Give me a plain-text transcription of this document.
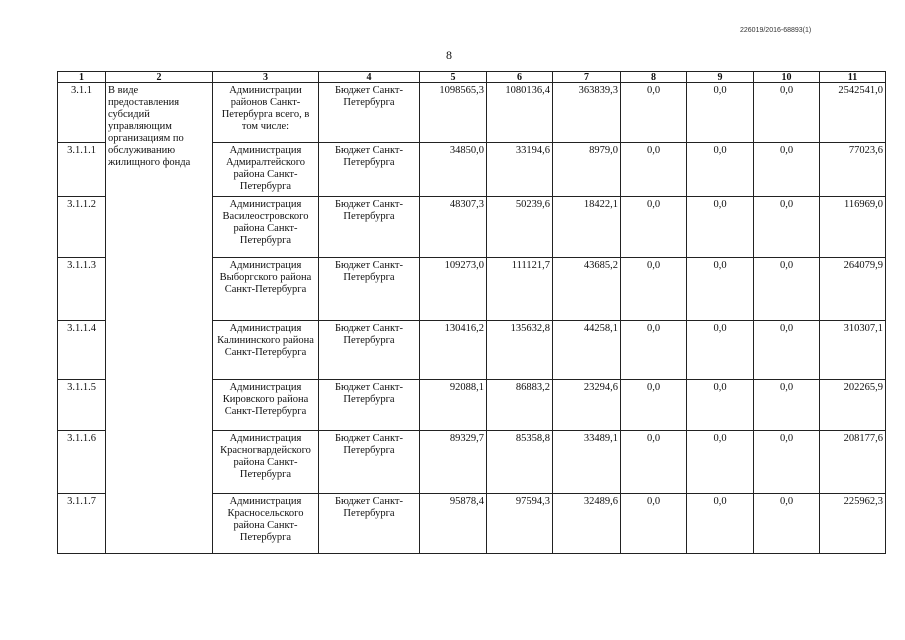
226019/2016-68893(1)
8
1	2	3	4	5	6	7	8	9	10	11
3.1.1	В виде предоставления субсидий управляющим организациям по обслуживанию жилищного фонда	Администрации районов Санкт-Петербурга всего, в том числе:	Бюджет Санкт-Петербурга	1098565,3	1080136,4	363839,3	0,0	0,0	0,0	2542541,0
3.1.1.1		Администрация Адмиралтейского района Санкт-Петербурга	Бюджет Санкт-Петербурга	34850,0	33194,6	8979,0	0,0	0,0	0,0	77023,6
3.1.1.2		Администрация Василеостровского района Санкт-Петербурга	Бюджет Санкт-Петербурга	48307,3	50239,6	18422,1	0,0	0,0	0,0	116969,0
3.1.1.3		Администрация Выборгского района Санкт-Петербурга	Бюджет Санкт-Петербурга	109273,0	111121,7	43685,2	0,0	0,0	0,0	264079,9
3.1.1.4		Администрация Калининского района Санкт-Петербурга	Бюджет Санкт-Петербурга	130416,2	135632,8	44258,1	0,0	0,0	0,0	310307,1
3.1.1.5		Администрация Кировского района Санкт-Петербурга	Бюджет Санкт-Петербурга	92088,1	86883,2	23294,6	0,0	0,0	0,0	202265,9
3.1.1.6		Администрация Красногвардейского района Санкт-Петербурга	Бюджет Санкт-Петербурга	89329,7	85358,8	33489,1	0,0	0,0	0,0	208177,6
3.1.1.7		Администрация Красносельского района Санкт-Петербурга	Бюджет Санкт-Петербурга	95878,4	97594,3	32489,6	0,0	0,0	0,0	225962,3
